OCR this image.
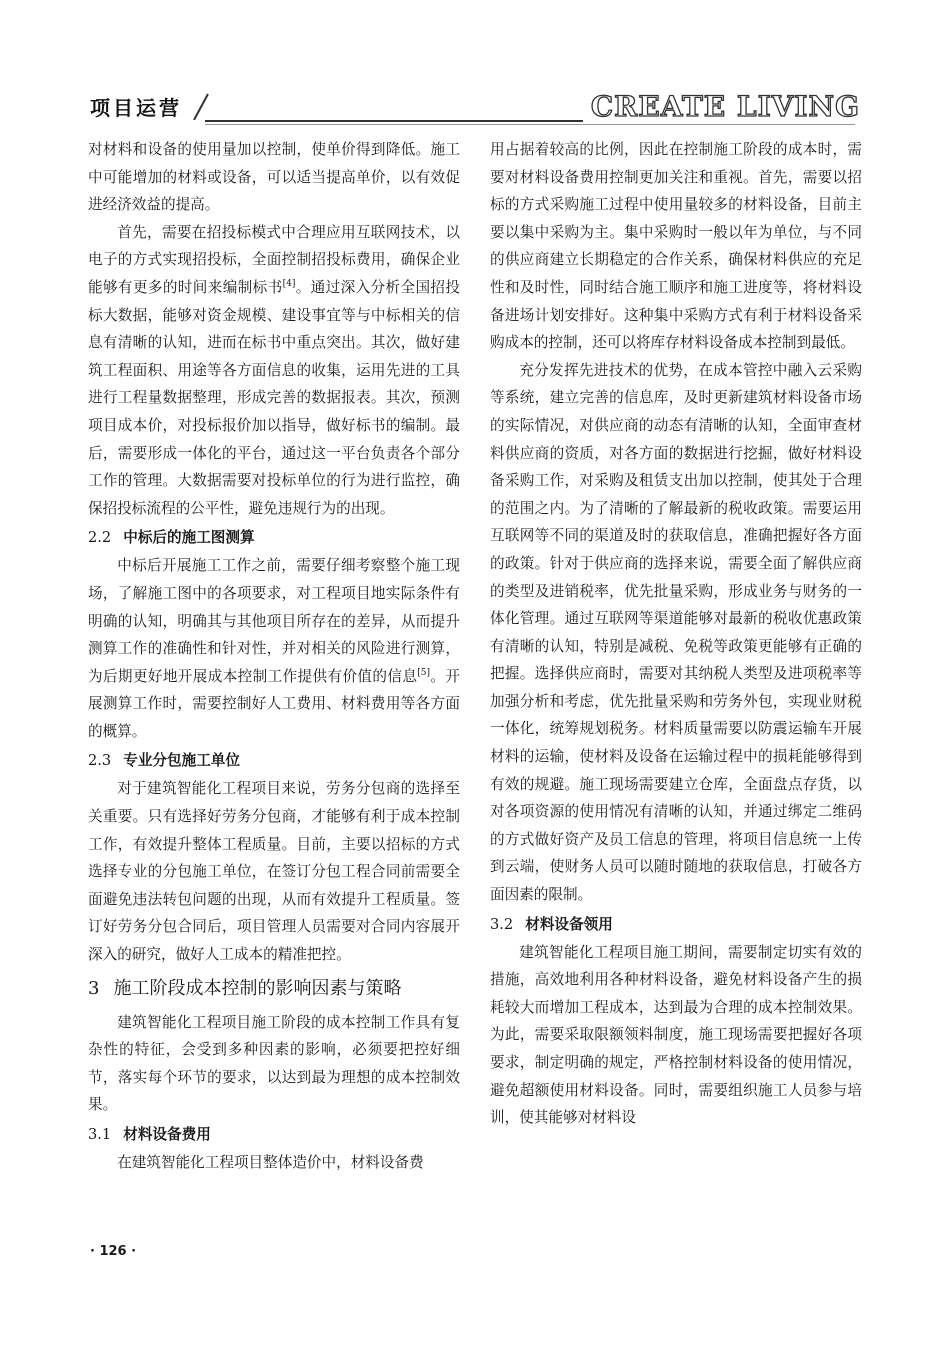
项目运营	CREATE LIVING

对材料和设备的使用量加以控制，使单价得到降低。施工中可能增加的材料或设备，可以适当提高单价，以有效促进经济效益的提高。

首先，需要在招投标模式中合理应用互联网技术，以电子的方式实现招投标，全面控制招投标费用，确保企业能够有更多的时间来编制标书[4]。通过深入分析全国招投标大数据，能够对资金规模、建设事宜等与中标相关的信息有清晰的认知，进而在标书中重点突出。其次，做好建筑工程面积、用途等各方面信息的收集，运用先进的工具进行工程量数据整理，形成完善的数据报表。其次，预测项目成本价，对投标报价加以指导，做好标书的编制。最后，需要形成一体化的平台，通过这一平台负责各个部分工作的管理。大数据需要对投标单位的行为进行监控，确保招投标流程的公平性，避免违规行为的出现。

2.2 中标后的施工图测算

中标后开展施工工作之前，需要仔细考察整个施工现场，了解施工图中的各项要求，对工程项目地实际条件有明确的认知，明确其与其他项目所存在的差异，从而提升测算工作的准确性和针对性，并对相关的风险进行测算，为后期更好地开展成本控制工作提供有价值的信息[5]。开展测算工作时，需要控制好人工费用、材料费用等各方面的概算。

2.3 专业分包施工单位

对于建筑智能化工程项目来说，劳务分包商的选择至关重要。只有选择好劳务分包商，才能够有利于成本控制工作，有效提升整体工程质量。目前，主要以招标的方式选择专业的分包施工单位，在签订分包工程合同前需要全面避免违法转包问题的出现，从而有效提升工程质量。签订好劳务分包合同后，项目管理人员需要对合同内容展开深入的研究，做好人工成本的精准把控。

3 施工阶段成本控制的影响因素与策略

建筑智能化工程项目施工阶段的成本控制工作具有复杂性的特征，会受到多种因素的影响，必须要把控好细节，落实每个环节的要求，以达到最为理想的成本控制效果。

3.1 材料设备费用

在建筑智能化工程项目整体造价中，材料设备费

用占据着较高的比例，因此在控制施工阶段的成本时，需要对材料设备费用控制更加关注和重视。首先，需要以招标的方式采购施工过程中使用量较多的材料设备，目前主要以集中采购为主。集中采购时一般以年为单位，与不同的供应商建立长期稳定的合作关系，确保材料供应的充足性和及时性，同时结合施工顺序和施工进度等，将材料设备进场计划安排好。这种集中采购方式有利于材料设备采购成本的控制，还可以将库存材料设备成本控制到最低。

充分发挥先进技术的优势，在成本管控中融入云采购等系统，建立完善的信息库，及时更新建筑材料设备市场的实际情况，对供应商的动态有清晰的认知，全面审查材料供应商的资质，对各方面的数据进行挖掘，做好材料设备采购工作，对采购及租赁支出加以控制，使其处于合理的范围之内。为了清晰的了解最新的税收政策。需要运用互联网等不同的渠道及时的获取信息，准确把握好各方面的政策。针对于供应商的选择来说，需要全面了解供应商的类型及进销税率，优先批量采购，形成业务与财务的一体化管理。通过互联网等渠道能够对最新的税收优惠政策有清晰的认知，特别是减税、免税等政策更能够有正确的把握。选择供应商时，需要对其纳税人类型及进项税率等加强分析和考虑，优先批量采购和劳务外包，实现业财税一体化，统筹规划税务。材料质量需要以防震运输车开展材料的运输，使材料及设备在运输过程中的损耗能够得到有效的规避。施工现场需要建立仓库，全面盘点存货，以对各项资源的使用情况有清晰的认知，并通过绑定二维码的方式做好资产及员工信息的管理，将项目信息统一上传到云端，使财务人员可以随时随地的获取信息，打破各方面因素的限制。

3.2 材料设备领用

建筑智能化工程项目施工期间，需要制定切实有效的措施，高效地利用各种材料设备，避免材料设备产生的损耗较大而增加工程成本，达到最为合理的成本控制效果。为此，需要采取限额领料制度，施工现场需要把握好各项要求，制定明确的规定，严格控制材料设备的使用情况，避免超额使用材料设备。同时，需要组织施工人员参与培训，使其能够对材料设

· 126 ·
